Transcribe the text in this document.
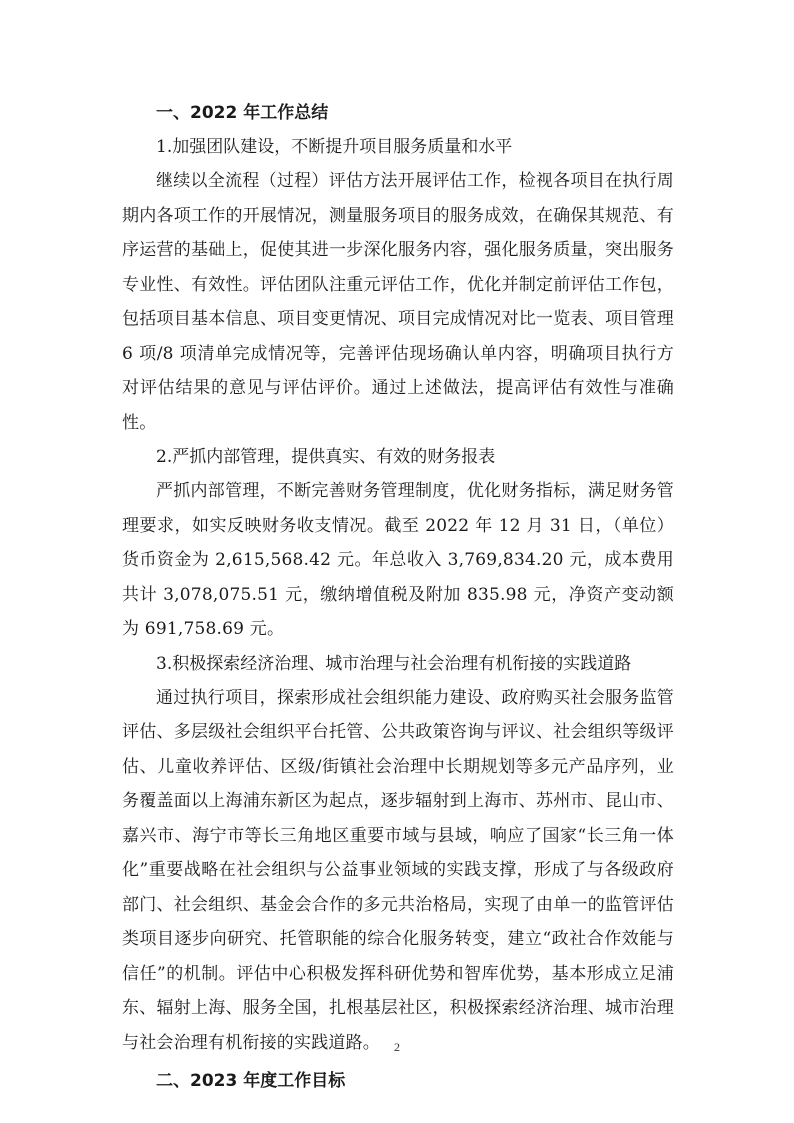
一、2022 年工作总结

1.加强团队建设，不断提升项目服务质量和水平

继续以全流程（过程）评估方法开展评估工作，检视各项目在执行周期内各项工作的开展情况，测量服务项目的服务成效，在确保其规范、有序运营的基础上，促使其进一步深化服务内容，强化服务质量，突出服务专业性、有效性。评估团队注重元评估工作，优化并制定前评估工作包，包括项目基本信息、项目变更情况、项目完成情况对比一览表、项目管理 6 项/8 项清单完成情况等，完善评估现场确认单内容，明确项目执行方对评估结果的意见与评估评价。通过上述做法，提高评估有效性与准确性。

2.严抓内部管理，提供真实、有效的财务报表

严抓内部管理，不断完善财务管理制度，优化财务指标，满足财务管理要求，如实反映财务收支情况。截至 2022 年 12 月 31 日，（单位）货币资金为 2,615,568.42 元。年总收入 3,769,834.20 元，成本费用共计 3,078,075.51 元，缴纳增值税及附加 835.98 元，净资产变动额为 691,758.69 元。

3.积极探索经济治理、城市治理与社会治理有机衔接的实践道路

通过执行项目，探索形成社会组织能力建设、政府购买社会服务监管评估、多层级社会组织平台托管、公共政策咨询与评议、社会组织等级评估、儿童收养评估、区级/街镇社会治理中长期规划等多元产品序列，业务覆盖面以上海浦东新区为起点，逐步辐射到上海市、苏州市、昆山市、嘉兴市、海宁市等长三角地区重要市域与县域，响应了国家“长三角一体化”重要战略在社会组织与公益事业领域的实践支撑，形成了与各级政府部门、社会组织、基金会合作的多元共治格局，实现了由单一的监管评估类项目逐步向研究、托管职能的综合化服务转变，建立“政社合作效能与信任”的机制。评估中心积极发挥科研优势和智库优势，基本形成立足浦东、辐射上海、服务全国，扎根基层社区，积极探索经济治理、城市治理与社会治理有机衔接的实践道路。

二、2023 年度工作目标

2
